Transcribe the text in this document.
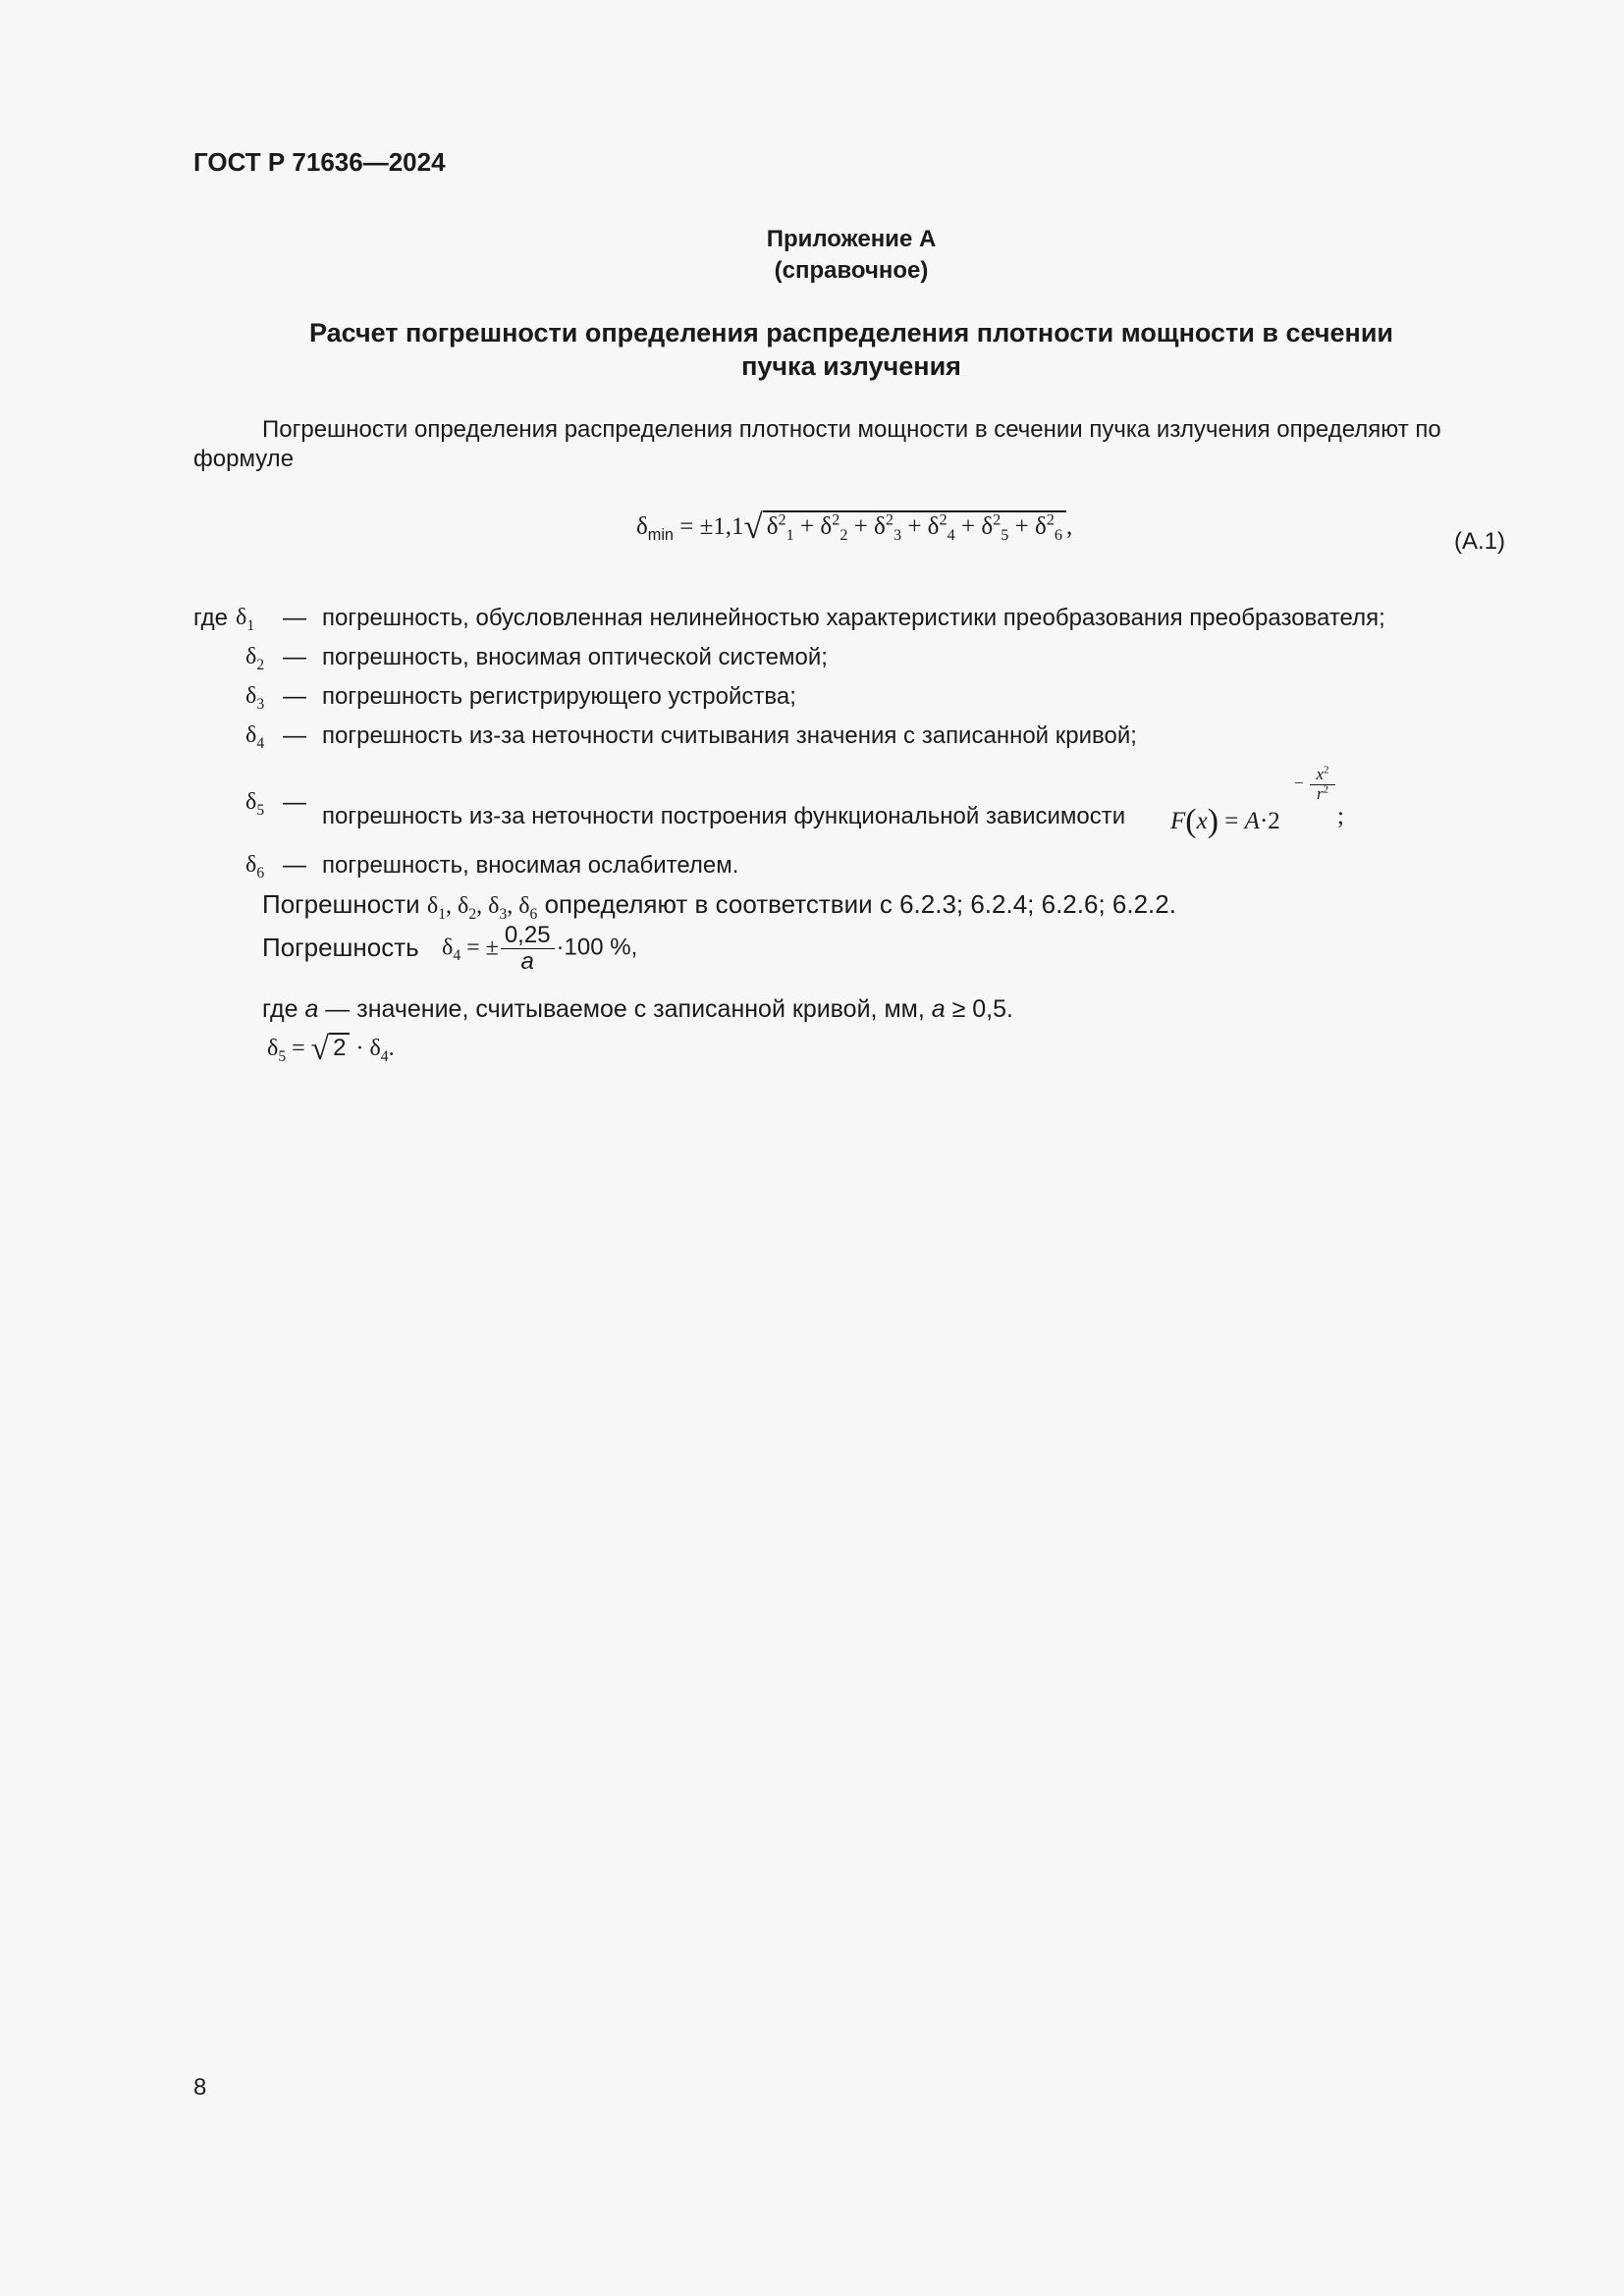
ГОСТ Р 71636—2024
Приложение А
(справочное)
Расчет погрешности определения распределения плотности мощности в сечении
пучка излучения
Погрешности определения распределения плотности мощности в сечении пучка излучения определяют по
формуле
$\delta_{min} = \pm 1,1√$ $\delta^2_1 + \delta^2_2 + \delta^2_3 + \delta^2_4 + \delta^2_5 + \delta^2_6$ ,
(А.1)
где $\delta_1$ — погрешность, обусловленная нелинейностью характеристики преобразования преобразователя;
$\delta_2$ — погрешность, вносимая оптической системой;
$\delta_3$ — погрешность регистрирующего устройства;
$\delta_4$ — погрешность из-за неточности считывания значения с записанной кривой;
$\delta_5$ —
погрешность из-за неточности построения функциональной зависимости F(x) = A·2
− $x^2$
$r^2$
;
$\delta_6$ — погрешность, вносимая ослабителем.
Погрешности $\delta_1$, $\delta_2$, $\delta_3$, $\delta_6$ определяют в соответствии с 6.2.3; 6.2.4; 6.2.6; 6.2.2.
Погрешность $\delta_4$ = ± $\frac{0,25}{a} \cdot 100$ %,
где a — значение, считываемое с записанной кривой, мм, a ≥ 0,5.
$\delta_5$ = √ $2 \cdot \delta_4$.
8
